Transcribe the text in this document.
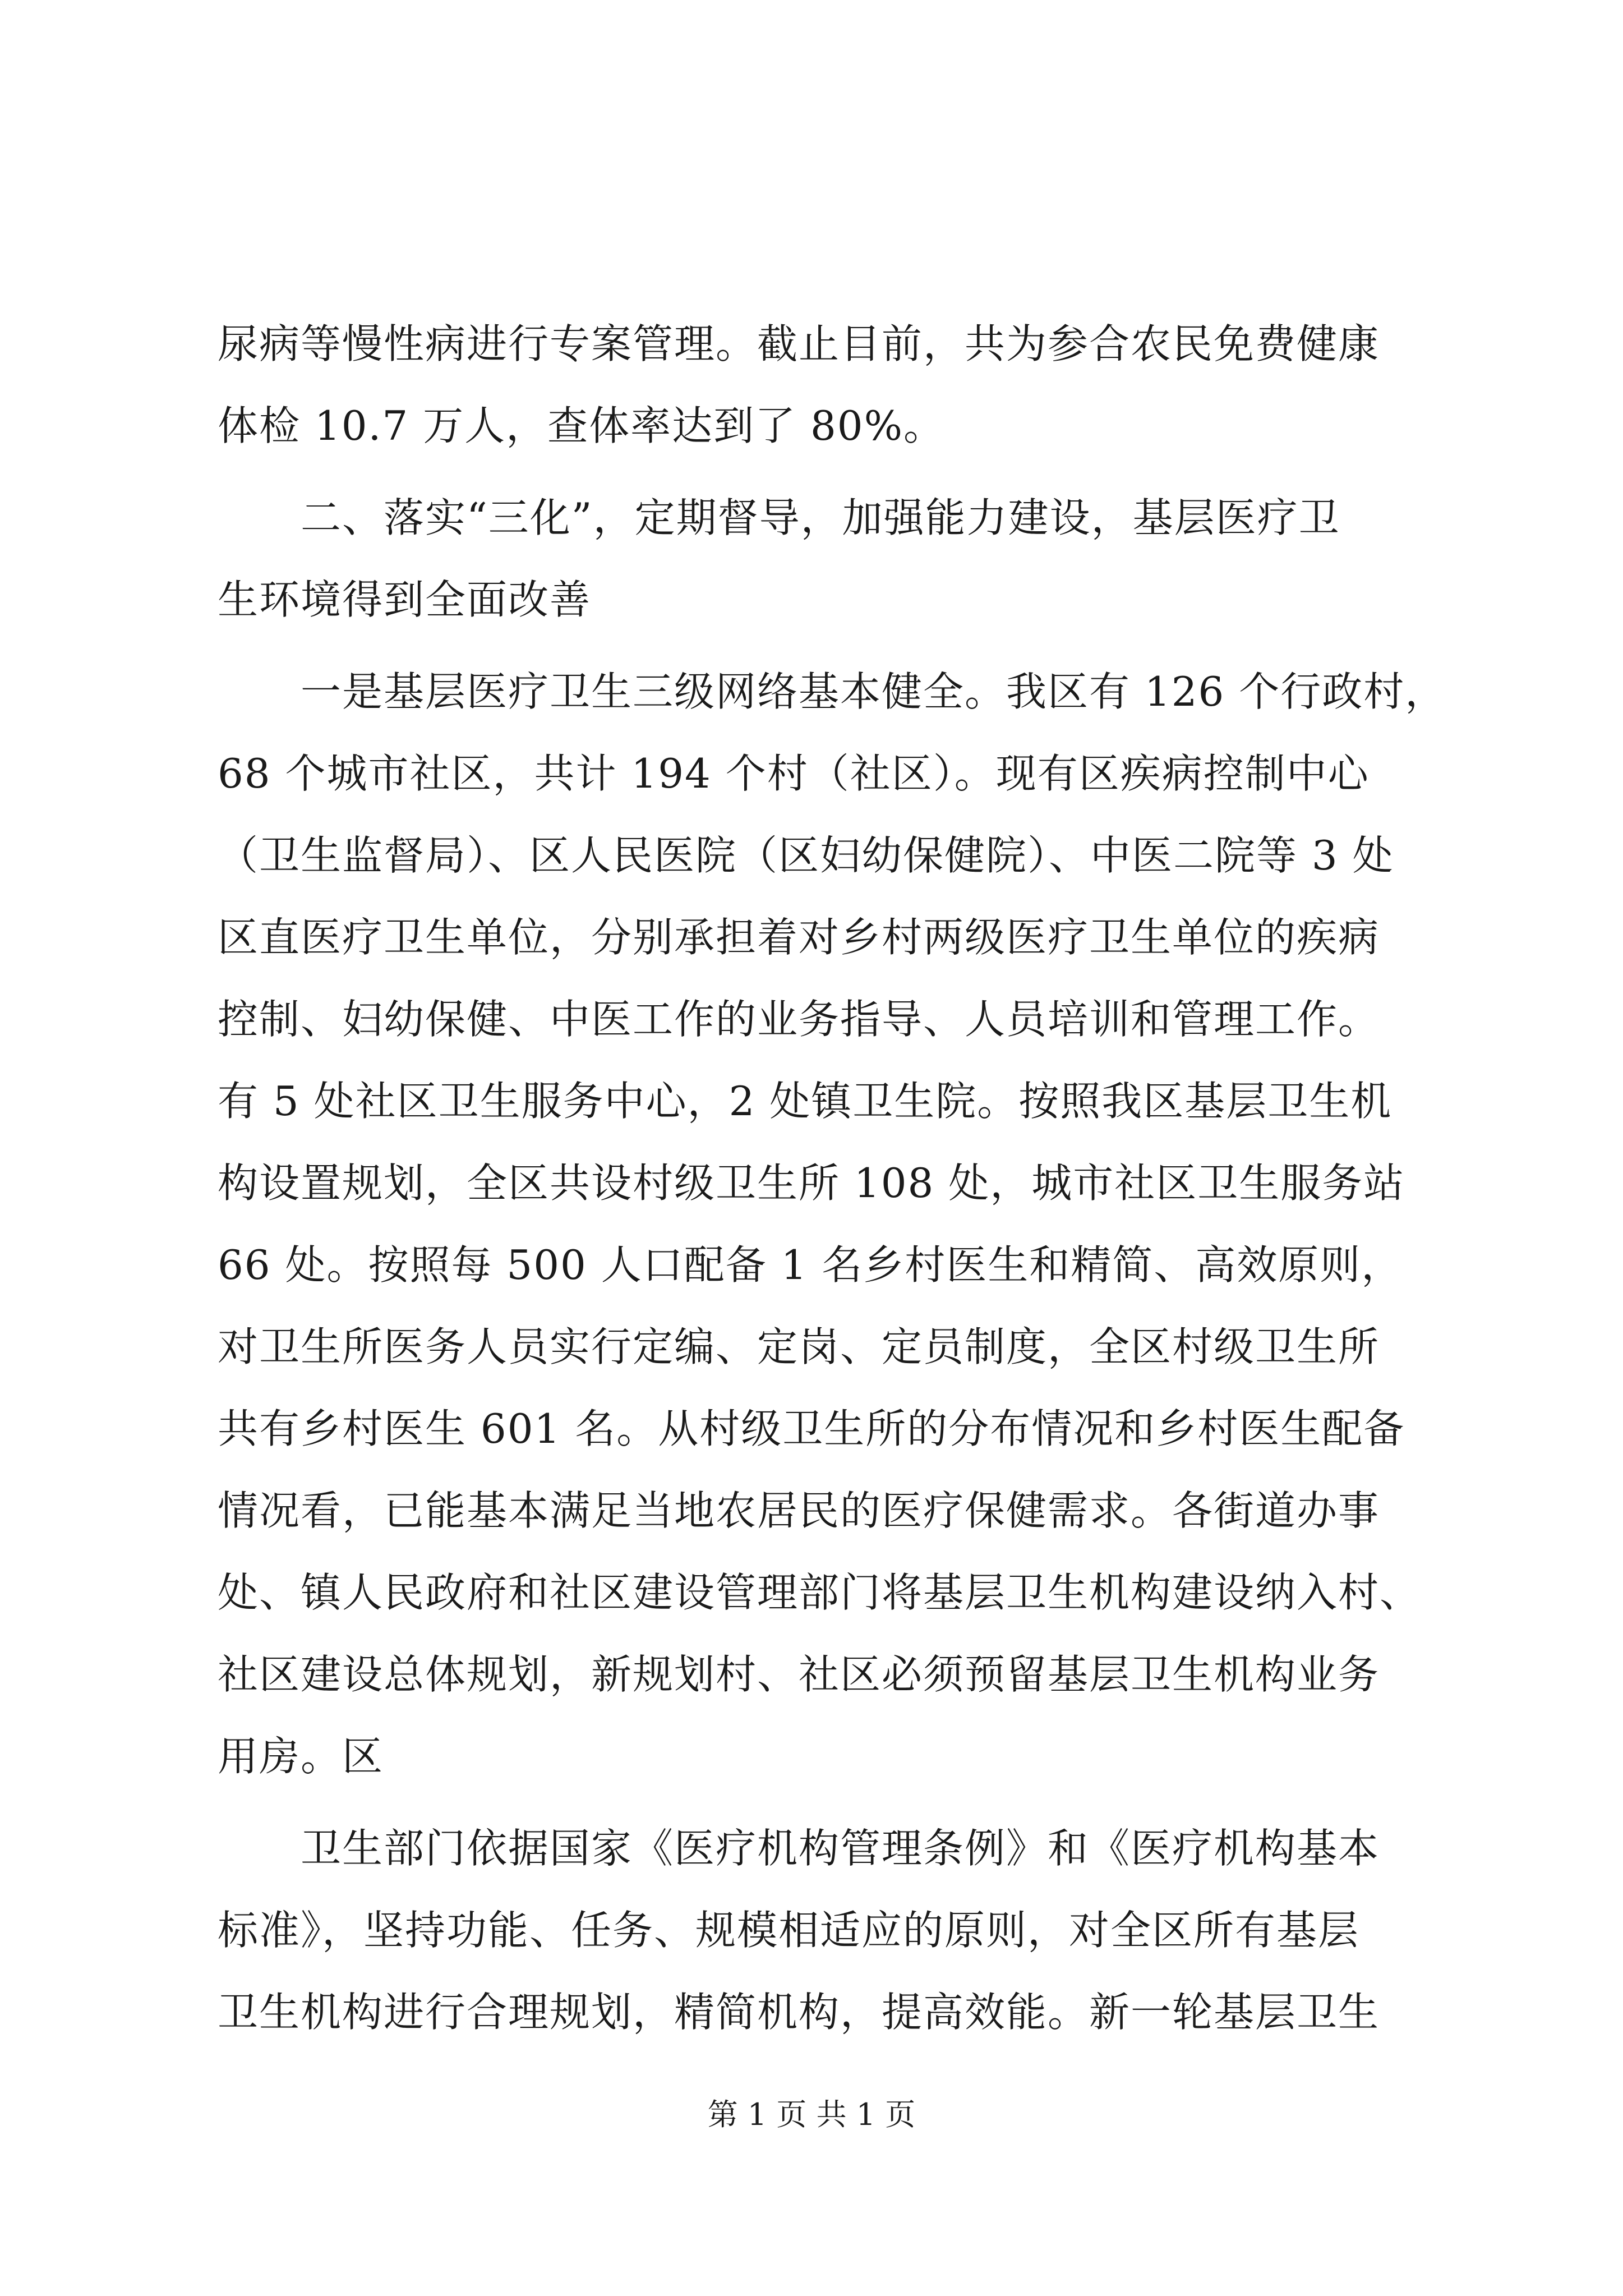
尿病等慢性病进行专案管理。截止目前，共为参合农民免费健康
体检 10.7 万人，查体率达到了 80%。
　　二、落实“三化”，定期督导，加强能力建设，基层医疗卫
生环境得到全面改善
　　一是基层医疗卫生三级网络基本健全。我区有 126 个行政村，
68 个城市社区，共计 194 个村（社区）。现有区疾病控制中心
（卫生监督局）、区人民医院（区妇幼保健院）、中医二院等 3 处
区直医疗卫生单位，分别承担着对乡村两级医疗卫生单位的疾病
控制、妇幼保健、中医工作的业务指导、人员培训和管理工作。
有 5 处社区卫生服务中心，2 处镇卫生院。按照我区基层卫生机
构设置规划，全区共设村级卫生所 108 处，城市社区卫生服务站
66 处。按照每 500 人口配备 1 名乡村医生和精简、高效原则，
对卫生所医务人员实行定编、定岗、定员制度，全区村级卫生所
共有乡村医生 601 名。从村级卫生所的分布情况和乡村医生配备
情况看，已能基本满足当地农居民的医疗保健需求。各街道办事
处、镇人民政府和社区建设管理部门将基层卫生机构建设纳入村、
社区建设总体规划，新规划村、社区必须预留基层卫生机构业务
用房。区
　　卫生部门依据国家《医疗机构管理条例》和《医疗机构基本
标准》，坚持功能、任务、规模相适应的原则，对全区所有基层
卫生机构进行合理规划，精简机构，提高效能。新一轮基层卫生
第 1 页 共 1 页
